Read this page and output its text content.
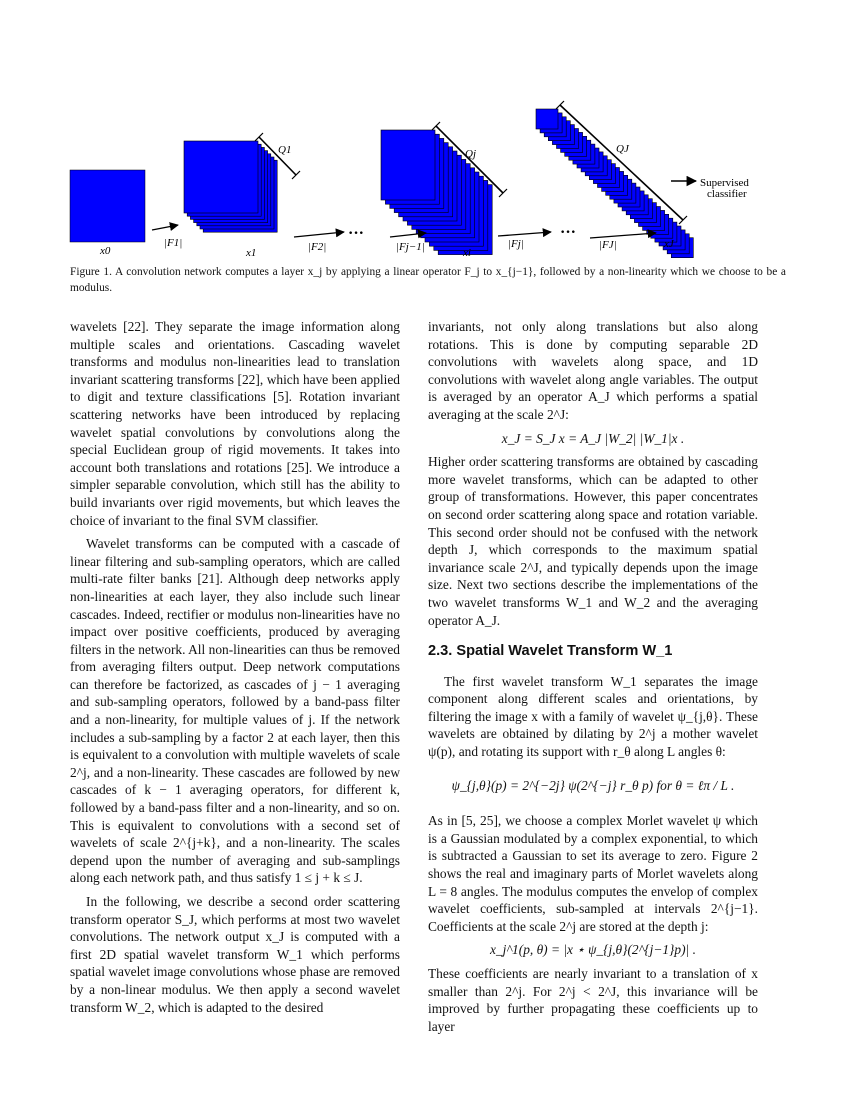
x0	x1	xi
xJ
|F1|	|F2|	|Fj−1|	|Fj|	|FJ|
Q1	Qj	QJ
···	···
Supervised
classifier
Figure 1. A convolution network computes a layer x_j by applying a linear operator F_j to x_{j−1}, followed by a non-linearity which we choose to be a modulus.

wavelets [22]. They separate the image information along multiple scales and orientations. Cascading wavelet transforms and modulus non-linearities lead to translation invariant scattering transforms [22], which have been applied to digit and texture classifications [5]. Rotation invariant scattering networks have been introduced by replacing wavelet spatial convolutions by convolutions along the special Euclidean group of rigid movements. It takes into account both translations and rotations [25]. We introduce a simpler separable convolution, which still has the ability to build invariants over rigid movements, but which leaves the choice of invariant to the final SVM classifier.

Wavelet transforms can be computed with a cascade of linear filtering and sub-sampling operators, which are called multi-rate filter banks [21]. Although deep networks apply non-linearities at each layer, they also include such linear cascades. Indeed, rectifier or modulus non-linearities have no impact over positive coefficients, produced by averaging filters in the network. All non-linearities can thus be removed from averaging filters output. Deep network computations can therefore be factorized, as cascades of j − 1 averaging and sub-sampling operators, followed by a band-pass filter and a non-linearity, for multiple values of j. If the network includes a sub-sampling by a factor 2 at each layer, then this is equivalent to a convolution with multiple wavelets of scale 2^j, and a non-linearity. These cascades are followed by new cascades of k − 1 averaging operators, for different k, followed by a band-pass filter and a non-linearity, and so on. This is equivalent to convolutions with a second set of wavelets of scale 2^{j+k}, and a non-linearity. The scales depend upon the number of averaging and sub-samplings along each network path, and thus satisfy 1 ≤ j + k ≤ J.

In the following, we describe a second order scattering transform operator S_J, which performs at most two wavelet convolutions. The network output x_J is computed with a first 2D spatial wavelet transform W_1 which performs spatial wavelet image convolutions whose phase are removed by a non-linear modulus. We then apply a second wavelet transform W_2, which is adapted to the desired

invariants, not only along translations but also along rotations. This is done by computing separable 2D convolutions with wavelets along space, and 1D convolutions with wavelet along angle variables. The output is averaged by an operator A_J which performs a spatial averaging at the scale 2^J:

x_J = S_J x = A_J |W_2| |W_1|x .

Higher order scattering transforms are obtained by cascading more wavelet transforms, which can be adapted to other group of transformations. However, this paper concentrates on second order scattering along space and rotation variable. This second order should not be confused with the network depth J, which corresponds to the maximum spatial invariance scale 2^J, and typically depends upon the image size. Next two sections describe the implementations of the two wavelet transforms W_1 and W_2 and the averaging operator A_J.

2.3. Spatial Wavelet Transform W_1

The first wavelet transform W_1 separates the image component along different scales and orientations, by filtering the image x with a family of wavelet ψ_{j,θ}. These wavelets are obtained by dilating by 2^j a mother wavelet ψ(p), and rotating its support with r_θ along L angles θ:

ψ_{j,θ}(p) = 2^{−2j} ψ(2^{−j} r_θ p) for θ = ℓπ / L .

As in [5, 25], we choose a complex Morlet wavelet ψ which is a Gaussian modulated by a complex exponential, to which is subtracted a Gaussian to set its average to zero. Figure 2 shows the real and imaginary parts of Morlet wavelets along L = 8 angles. The modulus computes the envelop of complex wavelet coefficients, sub-sampled at intervals 2^{j−1}. Coefficients at the scale 2^j are stored at the depth j:

x_j^1(p, θ) = |x ⋆ ψ_{j,θ}(2^{j−1}p)| .

These coefficients are nearly invariant to a translation of x smaller than 2^j. For 2^j < 2^J, this invariance will be improved by further propagating these coefficients up to layer
